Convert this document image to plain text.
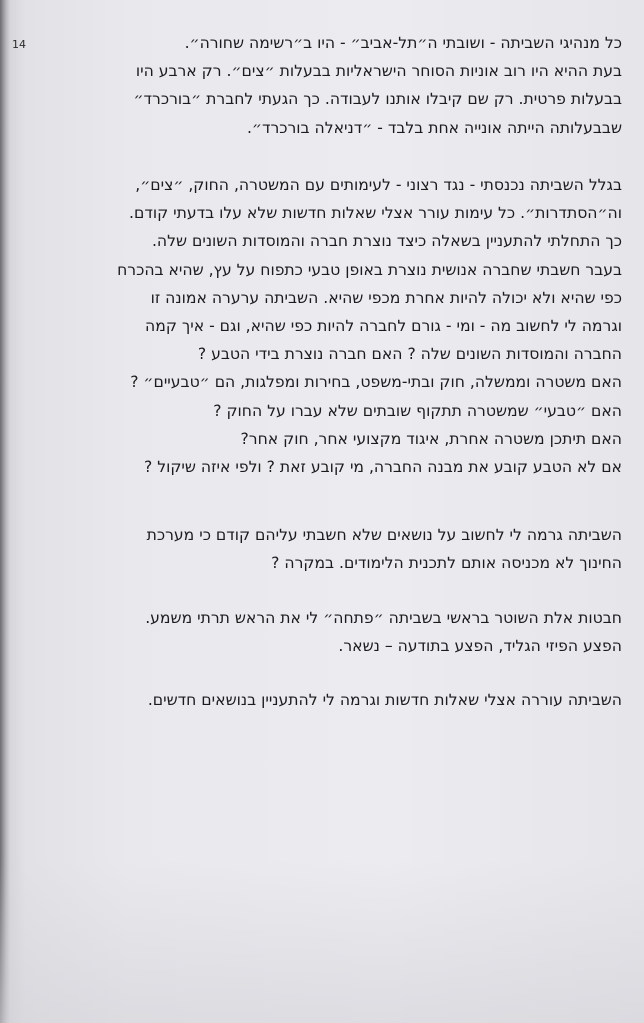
14	כל מנהיגי השביתה - ושובתי ה״תל-אביב״ - היו ב״רשימה שחורה״.
בעת ההיא היו רוב אוניות הסוחר הישראליות בבעלות ״צים״. רק ארבע היו
בבעלות פרטית. רק שם קיבלו אותנו לעבודה. כך הגעתי לחברת ״בורכרד״
שבבעלותה הייתה אונייה אחת בלבד - ״דניאלה בורכרד״.
בגלל השביתה נכנסתי - נגד רצוני - לעימותים עם המשטרה, החוק, ״צים״,
וה״הסתדרות״. כל עימות עורר אצלי שאלות חדשות שלא עלו בדעתי קודם.
כך התחלתי להתעניין בשאלה כיצד נוצרת חברה והמוסדות השונים שלה.
בעבר חשבתי שחברה אנושית נוצרת באופן טבעי כתפוח על עץ, שהיא בהכרח
כפי שהיא ולא יכולה להיות אחרת מכפי שהיא. השביתה ערערה אמונה זו
וגרמה לי לחשוב מה - ומי - גורם לחברה להיות כפי שהיא, וגם - איך קמה
החברה והמוסדות השונים שלה ? האם חברה נוצרת בידי הטבע ?
האם משטרה וממשלה, חוק ובתי-משפט, בחירות ומפלגות, הם ״טבעיים״ ?
האם ״טבעי״ שמשטרה תתקוף שובתים שלא עברו על החוק ?
האם תיתכן משטרה אחרת, איגוד מקצועי אחר, חוק אחר?
אם לא הטבע קובע את מבנה החברה, מי קובע זאת ? ולפי איזה שיקול ?
השביתה גרמה לי לחשוב על נושאים שלא חשבתי עליהם קודם כי מערכת
החינוך לא מכניסה אותם לתכנית הלימודים. במקרה ?
חבטות אלת השוטר בראשי בשביתה ״פתחה״ לי את הראש תרתי משמע.
הפצע הפיזי הגליד, הפצע בתודעה – נשאר.
השביתה עוררה אצלי שאלות חדשות וגרמה לי להתעניין בנושאים חדשים.
